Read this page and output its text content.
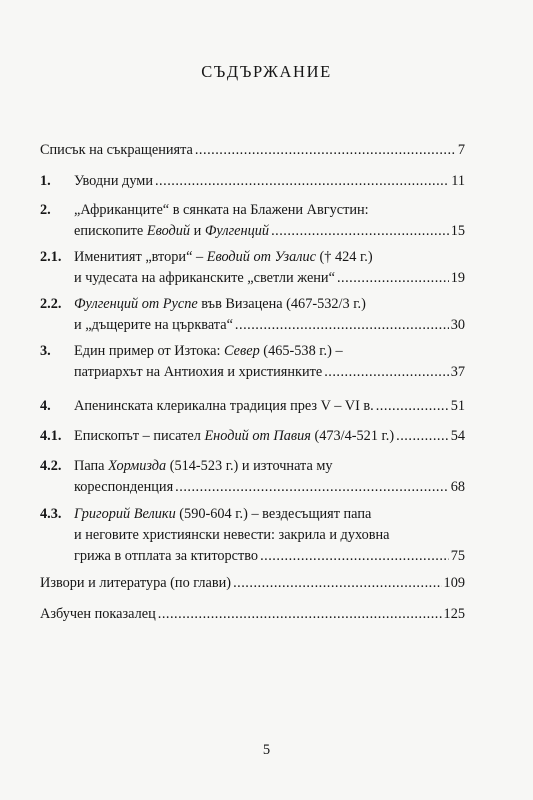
СЪДЪРЖАНИЕ
Списък на съкращенията .....	7
1.	Уводни думи .....	11
2.	„Африканците“ в сянката на Блажени Августин:
епископите Еводий и Фулгенций .....	15
2.1. Именитият „втори“ – Еводий от Узалис († 424 г.)
и чудесата на африканските „светли жени“ .....	19
2.2. Фулгенций от Руспе във Визацена (467-532/3 г.)
и „дъщерите на църквата“ .....	30
3.	Един пример от Изтока: Север (465-538 г.) –
патриархът на Антиохия и християнките .....	37
4.	Апенинската клерикална традиция през V – VI в. .....	51
4.1. Епископът – писател Енодий от Павия (473/4-521 г.) .....	54
4.2. Папа Хормизда (514-523 г.) и източната му
кореспонденция .....	68
4.3. Григорий Велики (590-604 г.) – вездесъщият папа
и неговите християнски невести: закрила и духовна
грижа в отплата за ктиторство .....	75
Извори и литература (по глави) .....	109
Азбучен показалец .....	125
5
